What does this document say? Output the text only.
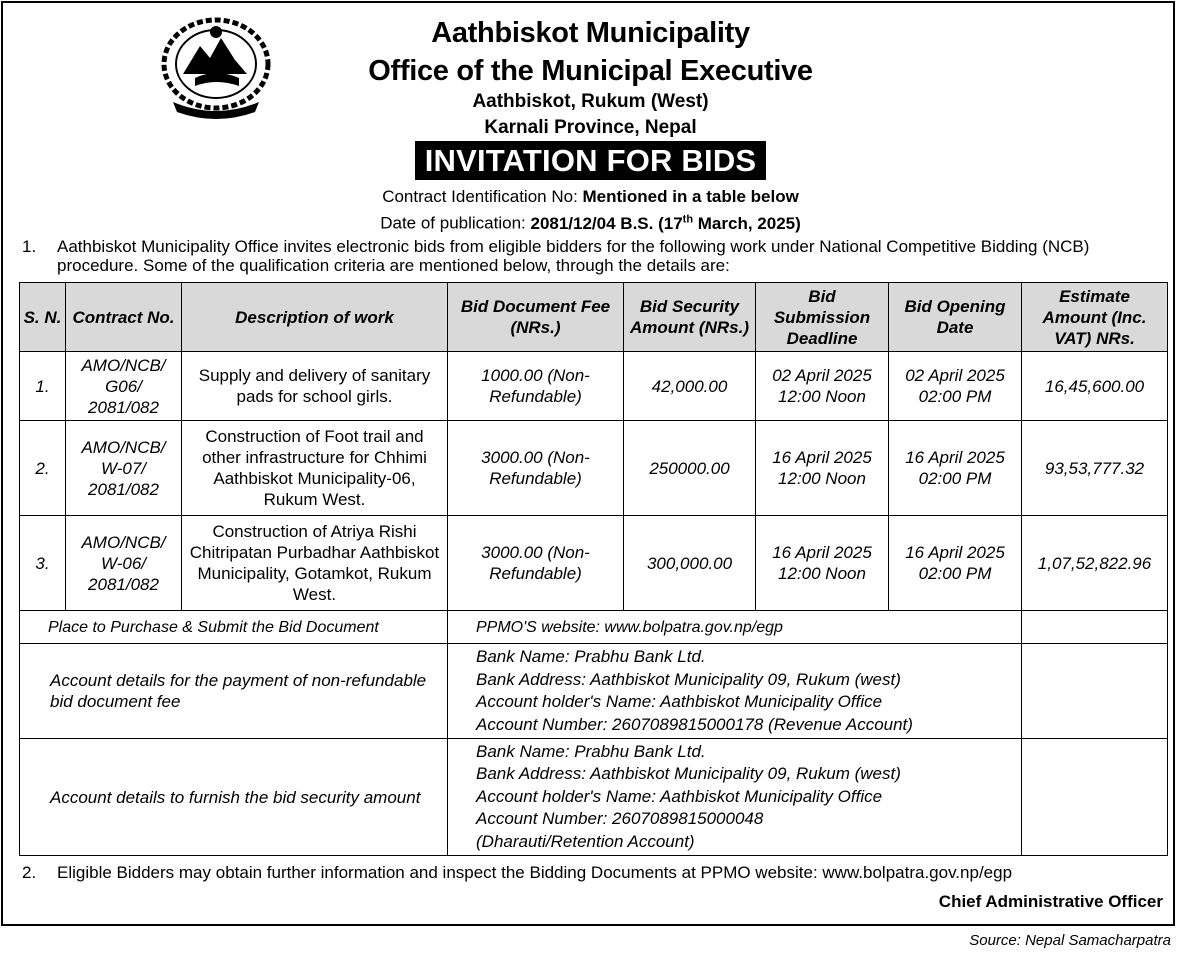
Aathbiskot Municipality
Office of the Municipal Executive
Aathbiskot, Rukum (West)
Karnali Province, Nepal
INVITATION FOR BIDS
Contract Identification No: Mentioned in a table below
Date of publication: 2081/12/04 B.S. (17th March, 2025)
1. Aathbiskot Municipality Office invites electronic bids from eligible bidders for the following work under National Competitive Bidding (NCB) procedure. Some of the qualification criteria are mentioned below, through the details are:
S. N.	Contract No.	Description of work	Bid Document Fee (NRs.)	Bid Security Amount (NRs.)	Bid Submission Deadline	Bid Opening Date	Estimate Amount (Inc. VAT) NRs.
1.	AMO/NCB/ G06/ 2081/082	Supply and delivery of sanitary pads for school girls.	1000.00 (Non-Refundable)	42,000.00	02 April 2025 12:00 Noon	02 April 2025 02:00 PM	16,45,600.00
2.	AMO/NCB/ W-07/ 2081/082	Construction of Foot trail and other infrastructure for Chhimi Aathbiskot Municipality-06, Rukum West.	3000.00 (Non-Refundable)	250000.00	16 April 2025 12:00 Noon	16 April 2025 02:00 PM	93,53,777.32
3.	AMO/NCB/ W-06/ 2081/082	Construction of Atriya Rishi Chitripatan Purbadhar Aathbiskot Municipality, Gotamkot, Rukum West.	3000.00 (Non-Refundable)	300,000.00	16 April 2025 12:00 Noon	16 April 2025 02:00 PM	1,07,52,822.96
Place to Purchase & Submit the Bid Document			PPMO'S website: www.bolpatra.gov.np/egp				
Account details for the payment of non-refundable bid document fee			Bank Name: Prabhu Bank Ltd.
Bank Address: Aathbiskot Municipality 09, Rukum (west)
Account holder's Name: Aathbiskot Municipality Office
Account Number: 2607089815000178 (Revenue Account)				

Account details to furnish the bid security amount			Bank Name: Prabhu Bank Ltd.
Bank Address: Aathbiskot Municipality 09, Rukum (west)
Account holder's Name: Aathbiskot Municipality Office
Account Number: 2607089815000048
(Dharauti/Retention Account)				

2. Eligible Bidders may obtain further information and inspect the Bidding Documents at PPMO website: www.bolpatra.gov.np/egp
Chief Administrative Officer
Source: Nepal Samacharpatra
